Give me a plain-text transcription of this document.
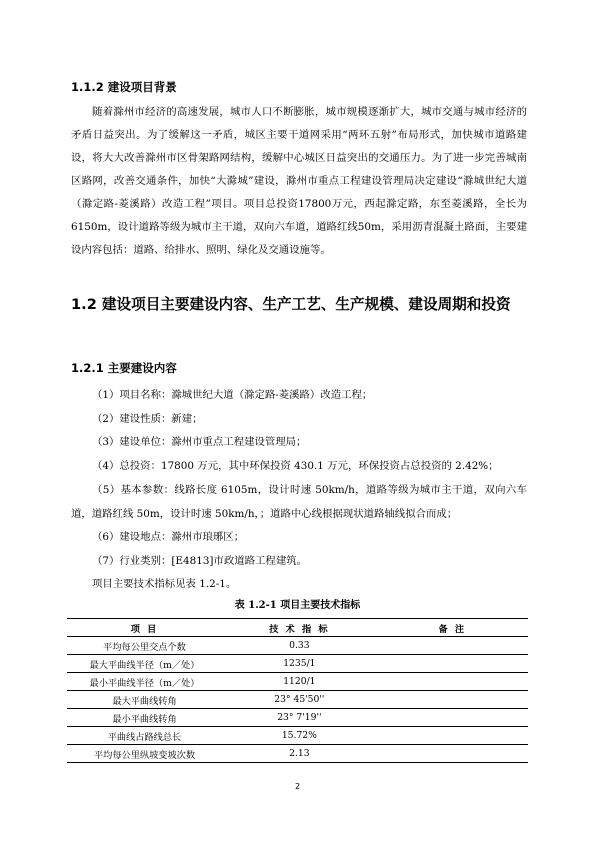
1.1.2 建设项目背景
随着滁州市经济的高速发展，城市人口不断膨胀，城市规模逐渐扩大，城市交通与城市经济的矛盾日益突出。为了缓解这一矛盾，城区主要干道网采用“两环五射”布局形式，加快城市道路建设，将大大改善滁州市区骨架路网结构，缓解中心城区日益突出的交通压力。为了进一步完善城南区路网，改善交通条件，加快“大滁城”建设，滁州市重点工程建设管理局决定建设“滁城世纪大道（滁定路-菱溪路）改造工程”项目。项目总投资17800万元，西起滁定路，东至菱溪路，全长为6150m，设计道路等级为城市主干道，双向六车道，道路红线50m，采用沥青混凝土路面，主要建设内容包括：道路、给排水、照明、绿化及交通设施等。
1.2 建设项目主要建设内容、生产工艺、生产规模、建设周期和投资
1.2.1 主要建设内容
（1）项目名称：滁城世纪大道（滁定路-菱溪路）改造工程；
（2）建设性质：新建；
（3）建设单位：滁州市重点工程建设管理局；
（4）总投资：17800 万元，其中环保投资 430.1 万元，环保投资占总投资的 2.42%；
（5）基本参数：线路长度 6105m，设计时速 50km/h，道路等级为城市主干道，双向六车道，道路红线 50m，设计时速 50km/h，；道路中心线根据现状道路轴线拟合而成；
（6）建设地点：滁州市琅琊区；
（7）行业类别：[E4813]市政道路工程建筑。
项目主要技术指标见表 1.2-1。
表 1.2-1 项目主要技术指标
项 目	技 术 指 标	备 注
平均每公里交点个数	0.33	
最大平曲线半径（m／处）	1235/1	
最小平曲线半径（m／处）	1120/1	
最大平曲线转角	23° 45'50''	
最小平曲线转角	23° 7'19''	
平曲线占路线总长	15.72%	
平均每公里纵坡变坡次数	2.13	
2
